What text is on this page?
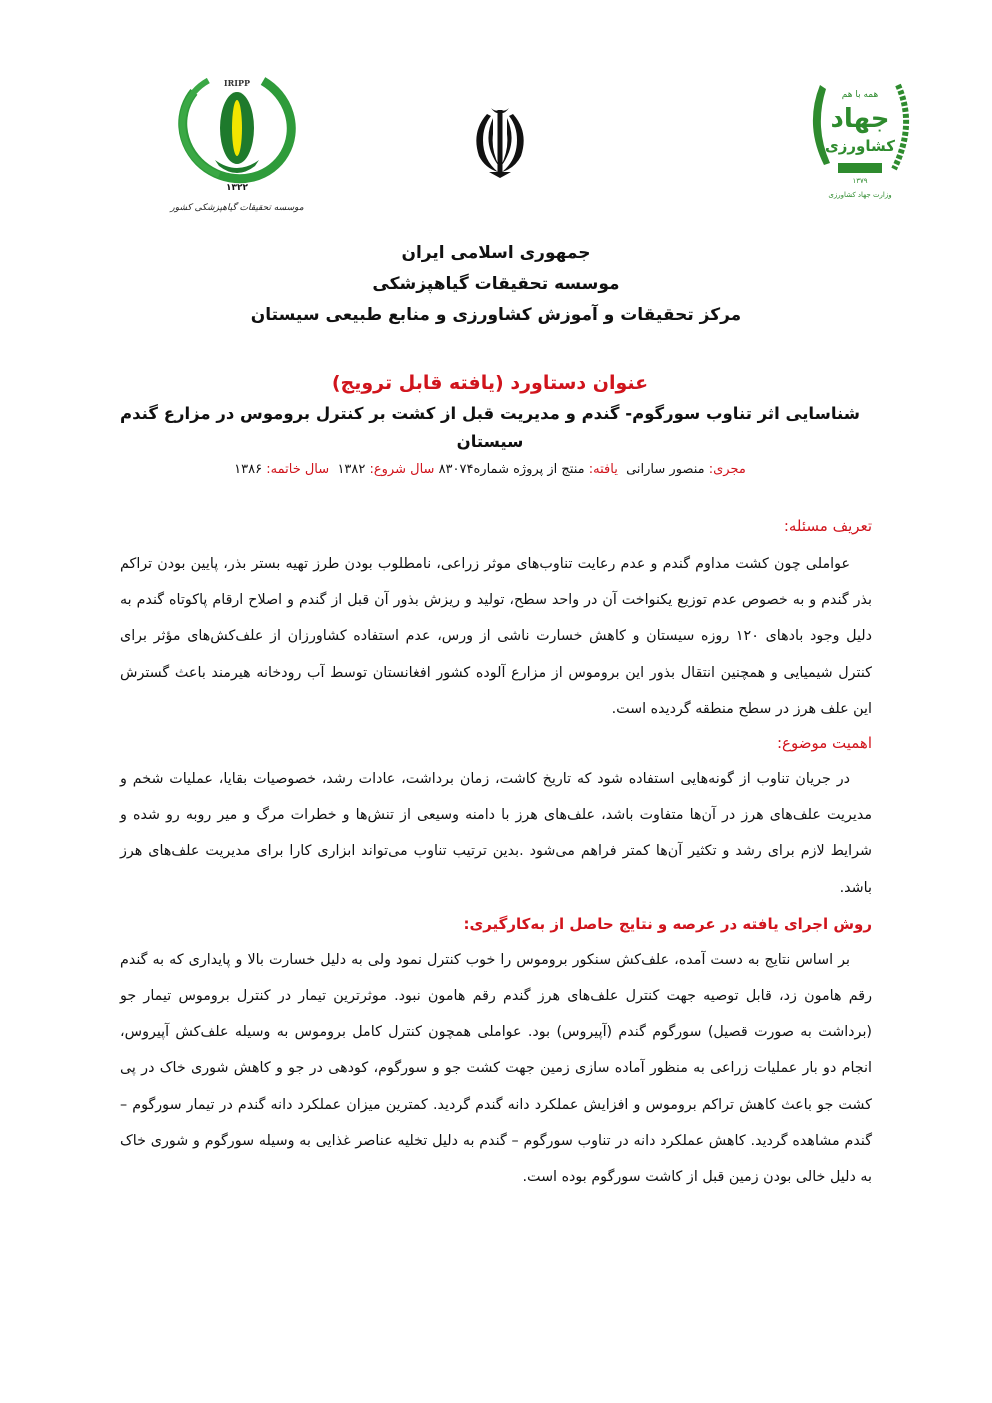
IRIPP
۱۳۲۲
موسسه تحقیقات گیاهپزشکی کشور
همه با هم
جهاد
کشاورزی
۱۳۷۹
وزارت جهاد کشاورزی
جمهوری اسلامی ایران
موسسه تحقیقات گیاهپزشکی
مرکز تحقیقات و آموزش کشاورزی و منابع طبیعی سیستان
عنوان دستاورد (یافته قابل ترویج)
شناسایی اثر تناوب سورگوم- گندم و مدیریت قبل از کشت بر کنترل بروموس در مزارع گندم سیستان
مجری: منصور سارانی  یافته: منتج از پروژه شماره۸۳۰۷۴ سال شروع: ۱۳۸۲  سال خاتمه: ۱۳۸۶
تعریف مسئله:

عواملی چون کشت مداوم گندم و عدم رعایت تناوب‌های موثر زراعی، نامطلوب بودن طرز تهیه بستر بذر، پایین بودن تراکم بذر گندم و به خصوص عدم توزیع یکنواخت آن در واحد سطح، تولید و ریزش بذور آن قبل از گندم و اصلاح ارقام پاکوتاه گندم به دلیل وجود بادهای ۱۲۰ روزه سیستان و کاهش خسارت ناشی از ورس، عدم استفاده کشاورزان از علف‌کش‌های مؤثر برای کنترل شیمیایی و همچنین انتقال بذور این بروموس از مزارع آلوده کشور افغانستان توسط آب رودخانه هیرمند باعث گسترش این علف هرز در سطح منطقه گردیده است.

اهمیت موضوع:

در جریان تناوب از گونه‌هایی استفاده شود که تاریخ کاشت، زمان برداشت، عادات رشد، خصوصیات بقایا، عملیات شخم و مدیریت علف‌های هرز در آن‌ها متفاوت باشد، علف‌های هرز با دامنه وسیعی از تنش‌ها و خطرات مرگ و میر روبه رو شده و شرایط لازم برای رشد و تکثیر آن‌ها کمتر فراهم می‌شود .بدین ترتیب تناوب می‌تواند ابزاری کارا برای مدیریت علف‌های هرز باشد.

روش اجرای یافته در عرصه و نتایج حاصل از به‌کارگیری:

بر اساس نتایج به دست آمده، علف‌کش سنکور بروموس را خوب کنترل نمود ولی به دلیل خسارت بالا و پایداری که به گندم رقم هامون زد، قابل توصیه جهت کنترل علف‌های هرز گندم رقم هامون نبود. موثرترین تیمار در کنترل بروموس تیمار جو (برداشت به صورت قصیل) سورگوم گندم (آپیروس) بود. عواملی همچون کنترل کامل بروموس به وسیله علف‌کش آپیروس، انجام دو بار عملیات زراعی به منظور آماده سازی زمین جهت کشت جو و سورگوم، کودهی در جو و کاهش شوری خاک در پی کشت جو باعث کاهش تراکم بروموس و افزایش عملکرد دانه گندم گردید. کمترین میزان عملکرد دانه گندم در تیمار سورگوم – گندم مشاهده گردید. کاهش عملکرد دانه در تناوب سورگوم – گندم به دلیل تخلیه عناصر غذایی به وسیله سورگوم و شوری خاک به دلیل خالی بودن زمین قبل از کاشت سورگوم بوده است.
